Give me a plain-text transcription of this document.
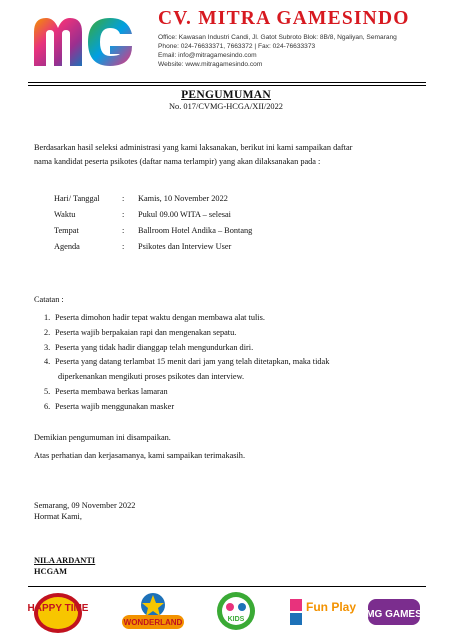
CV. MITRA GAMESINDO
Office: Kawasan Industri Candi, Jl. Gatot Subroto Blok: 8B/8, Ngaliyan, Semarang
Phone: 024-76633371, 7663372 | Fax: 024-76633373
Email: info@mitragamesindo.com
Website: www.mitragamesindo.com
PENGUMUMAN
No. 017/CVMG-HCGA/XII/2022
Berdasarkan hasil seleksi administrasi yang kami laksanakan, berikut ini kami sampaikan daftar
nama kandidat peserta psikotes (daftar nama terlampir) yang akan dilaksanakan pada :
Hari/ Tanggal	: Kamis, 10 November 2022
Waktu	: Pukul 09.00 WITA – selesai
Tempat	: Ballroom Hotel Andika – Bontang
Agenda	: Psikotes dan Interview User
Catatan :
1. Peserta dimohon hadir tepat waktu dengan membawa alat tulis.
2. Peserta wajib berpakaian rapi dan mengenakan sepatu.
3. Peserta yang tidak hadir dianggap telah mengundurkan diri.
4. Peserta yang datang terlambat 15 menit dari jam yang telah ditetapkan, maka tidak
diperkenankan mengikuti proses psikotes dan interview.
5. Peserta membawa berkas lamaran
6. Peserta wajib menggunakan masker
Demikian pengumuman ini disampaikan.
Atas perhatian dan kerjasamanya, kami sampaikan terimakasih.
Semarang, 09 November 2022
Hormat Kami,
NILA ARDANTI
HCGAM
HAPPY TIME
WONDERLAND	KIDS
Fun Play
MG GAMES
